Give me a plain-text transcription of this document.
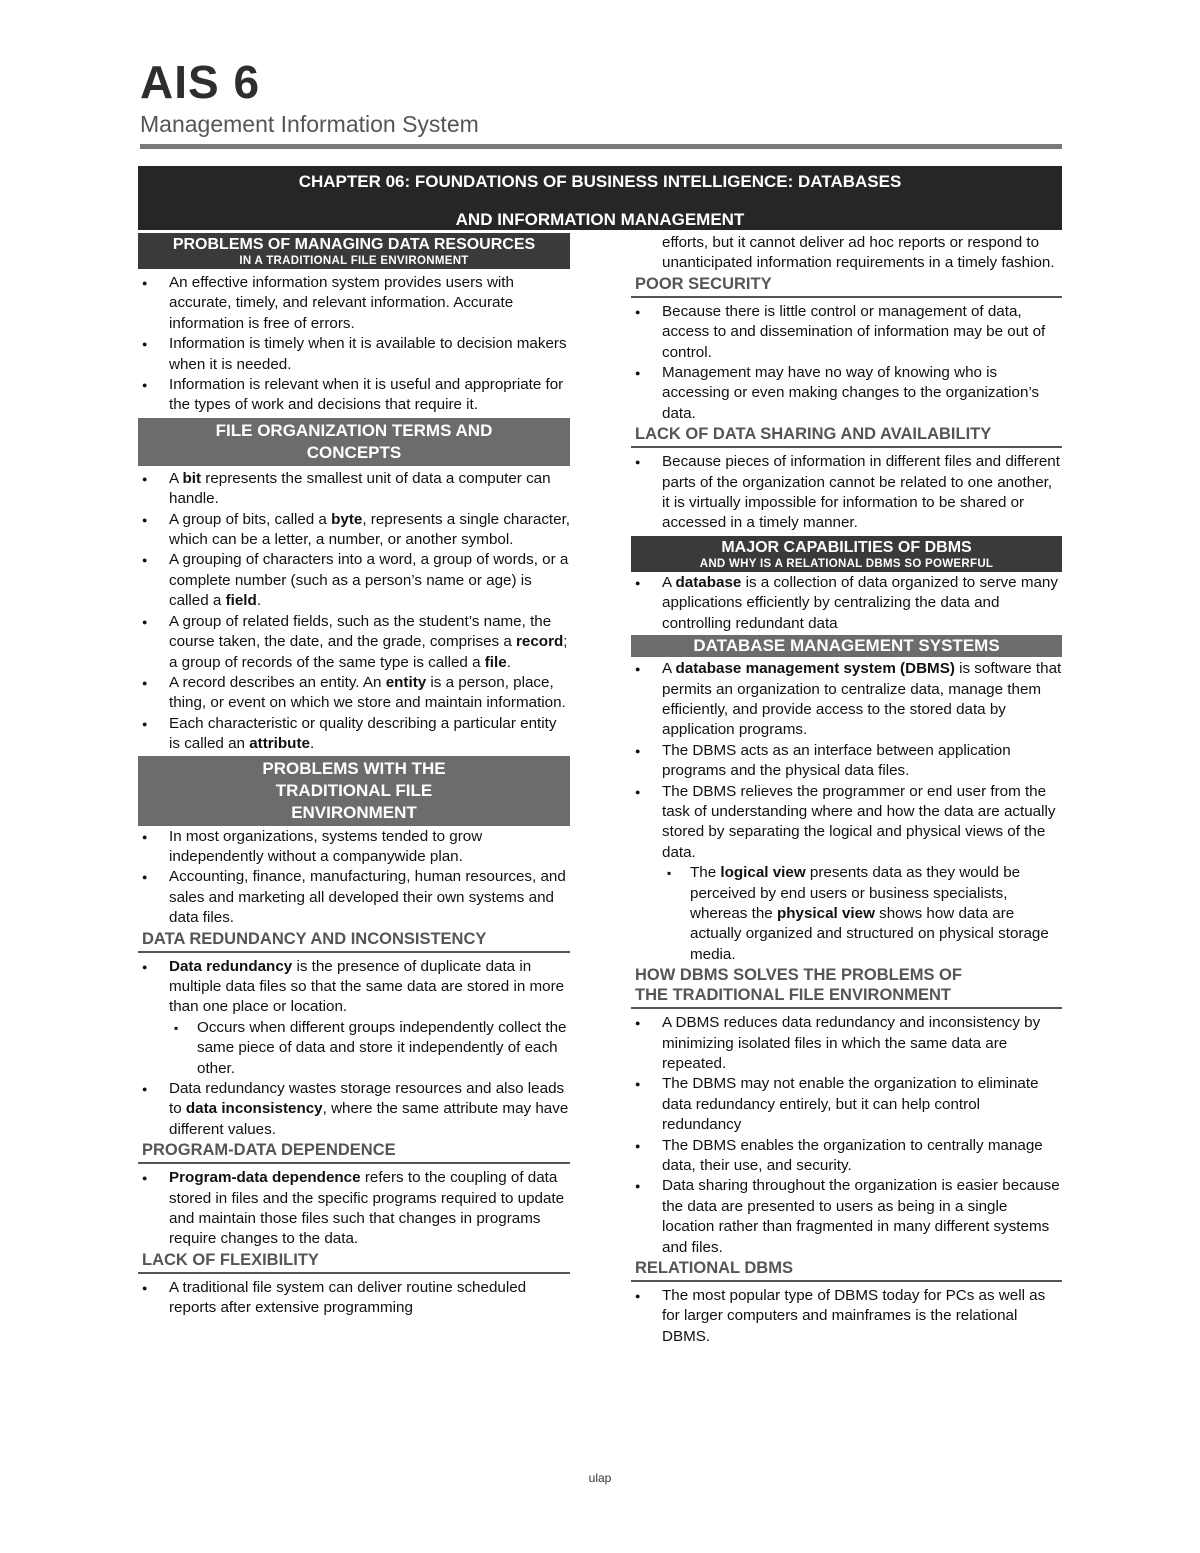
AIS 6
Management Information System
CHAPTER 06: FOUNDATIONS OF BUSINESS INTELLIGENCE: DATABASES
AND INFORMATION MANAGEMENT
PROBLEMS OF MANAGING DATA RESOURCES
IN A TRADITIONAL FILE ENVIRONMENT
● An effective information system provides users with accurate, timely, and relevant information. Accurate information is free of errors.
● Information is timely when it is available to decision makers when it is needed.
● Information is relevant when it is useful and appropriate for the types of work and decisions that require it.
FILE ORGANIZATION TERMS AND CONCEPTS
● A bit represents the smallest unit of data a computer can handle.
● A group of bits, called a byte, represents a single character, which can be a letter, a number, or another symbol.
● A grouping of characters into a word, a group of words, or a complete number (such as a person’s name or age) is called a field.
● A group of related fields, such as the student’s name, the course taken, the date, and the grade, comprises a record; a group of records of the same type is called a file.
● A record describes an entity. An entity is a person, place, thing, or event on which we store and maintain information.
● Each characteristic or quality describing a particular entity is called an attribute.
PROBLEMS WITH THE TRADITIONAL FILE ENVIRONMENT
● In most organizations, systems tended to grow independently without a companywide plan.
● Accounting, finance, manufacturing, human resources, and sales and marketing all developed their own systems and data files.
DATA REDUNDANCY AND INCONSISTENCY
● Data redundancy is the presence of duplicate data in multiple data files so that the same data are stored in more than one place or location.
▪ Occurs when different groups independently collect the same piece of data and store it independently of each other.
● Data redundancy wastes storage resources and also leads to data inconsistency, where the same attribute may have different values.
PROGRAM-DATA DEPENDENCE
● Program-data dependence refers to the coupling of data stored in files and the specific programs required to update and maintain those files such that changes in programs require changes to the data.
LACK OF FLEXIBILITY
● A traditional file system can deliver routine scheduled reports after extensive programming
efforts, but it cannot deliver ad hoc reports or respond to unanticipated information requirements in a timely fashion.
POOR SECURITY
● Because there is little control or management of data, access to and dissemination of information may be out of control.
● Management may have no way of knowing who is accessing or even making changes to the organization’s data.
LACK OF DATA SHARING AND AVAILABILITY
● Because pieces of information in different files and different parts of the organization cannot be related to one another, it is virtually impossible for information to be shared or accessed in a timely manner.
MAJOR CAPABILITIES OF DBMS
AND WHY IS A RELATIONAL DBMS SO POWERFUL
● A database is a collection of data organized to serve many applications efficiently by centralizing the data and controlling redundant data
DATABASE MANAGEMENT SYSTEMS
● A database management system (DBMS) is software that permits an organization to centralize data, manage them efficiently, and provide access to the stored data by application programs.
● The DBMS acts as an interface between application programs and the physical data files.
● The DBMS relieves the programmer or end user from the task of understanding where and how the data are actually stored by separating the logical and physical views of the data.
▪ The logical view presents data as they would be perceived by end users or business specialists, whereas the physical view shows how data are actually organized and structured on physical storage media.
HOW DBMS SOLVES THE PROBLEMS OF
THE TRADITIONAL FILE ENVIRONMENT
● A DBMS reduces data redundancy and inconsistency by minimizing isolated files in which the same data are repeated.
● The DBMS may not enable the organization to eliminate data redundancy entirely, but it can help control redundancy
● The DBMS enables the organization to centrally manage data, their use, and security.
● Data sharing throughout the organization is easier because the data are presented to users as being in a single location rather than fragmented in many different systems and files.
RELATIONAL DBMS
● The most popular type of DBMS today for PCs as well as for larger computers and mainframes is the relational DBMS.
ulap
